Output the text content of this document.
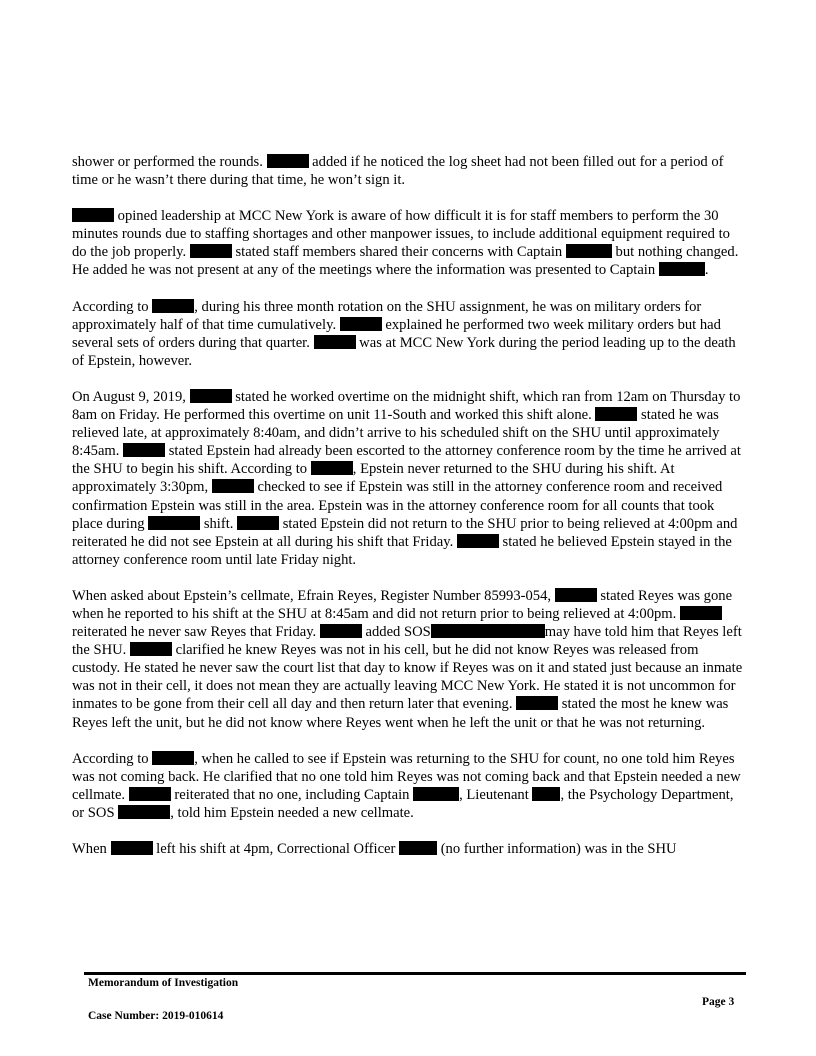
shower or performed the rounds.	added if he noticed the log sheet had not been filled out for a period of time or he wasn’t there during that time, he won’t sign it.

opined leadership at MCC New York is aware of how difficult it is for staff members to perform the 30 minutes rounds due to staffing shortages and other manpower issues, to include additional equipment required to do the job properly.	stated staff members shared their concerns with Captain	but nothing changed. He added he was not present at any of the meetings where the information was presented to Captain	.

According to	, during his three month rotation on the SHU assignment, he was on military orders for approximately half of that time cumulatively.	explained he performed two week military orders but had several sets of orders during that quarter.	was at MCC New York during the period leading up to the death of Epstein, however.

On August 9, 2019,	stated he worked overtime on the midnight shift, which ran from 12am on Thursday to 8am on Friday. He performed this overtime on unit 11-South and worked this shift alone.	stated he was relieved late, at approximately 8:40am, and didn’t arrive to his scheduled shift on the SHU until approximately 8:45am.	stated Epstein had already been escorted to the attorney conference room by the time he arrived at the SHU to begin his shift. According to	, Epstein never returned to the SHU during his shift. At approximately 3:30pm,	checked to see if Epstein was still in the attorney conference room and received confirmation Epstein was still in the area. Epstein was in the attorney conference room for all counts that took place during	shift.	stated Epstein did not return to the SHU prior to being relieved at 4:00pm and reiterated he did not see Epstein at all during his shift that Friday.	stated he believed Epstein stayed in the attorney conference room until late Friday night.

When asked about Epstein’s cellmate, Efrain Reyes, Register Number 85993-054,	stated Reyes was gone when he reported to his shift at the SHU at 8:45am and did not return prior to being relieved at 4:00pm.  reiterated he never saw Reyes that Friday.	added SOS	may have told him that Reyes left the SHU.	clarified he knew Reyes was not in his cell, but he did not know Reyes was released from custody. He stated he never saw the court list that day to know if Reyes was on it and stated just because an inmate was not in their cell, it does not mean they are actually leaving MCC New York. He stated it is not uncommon for inmates to be gone from their cell all day and then return later that evening.	stated the most he knew was Reyes left the unit, but he did not know where Reyes went when he left the unit or that he was not returning.

According to	, when he called to see if Epstein was returning to the SHU for count, no one told him Reyes was not coming back. He clarified that no one told him Reyes was not coming back and that Epstein needed a new cellmate.	reiterated that no one, including Captain	, Lieutenant , the Psychology Department, or SOS	, told him Epstein needed a new cellmate.

When	left his shift at 4pm, Correctional Officer	(no further information) was in the SHU

Memorandum of Investigation
Page 3
Case Number: 2019-010614
